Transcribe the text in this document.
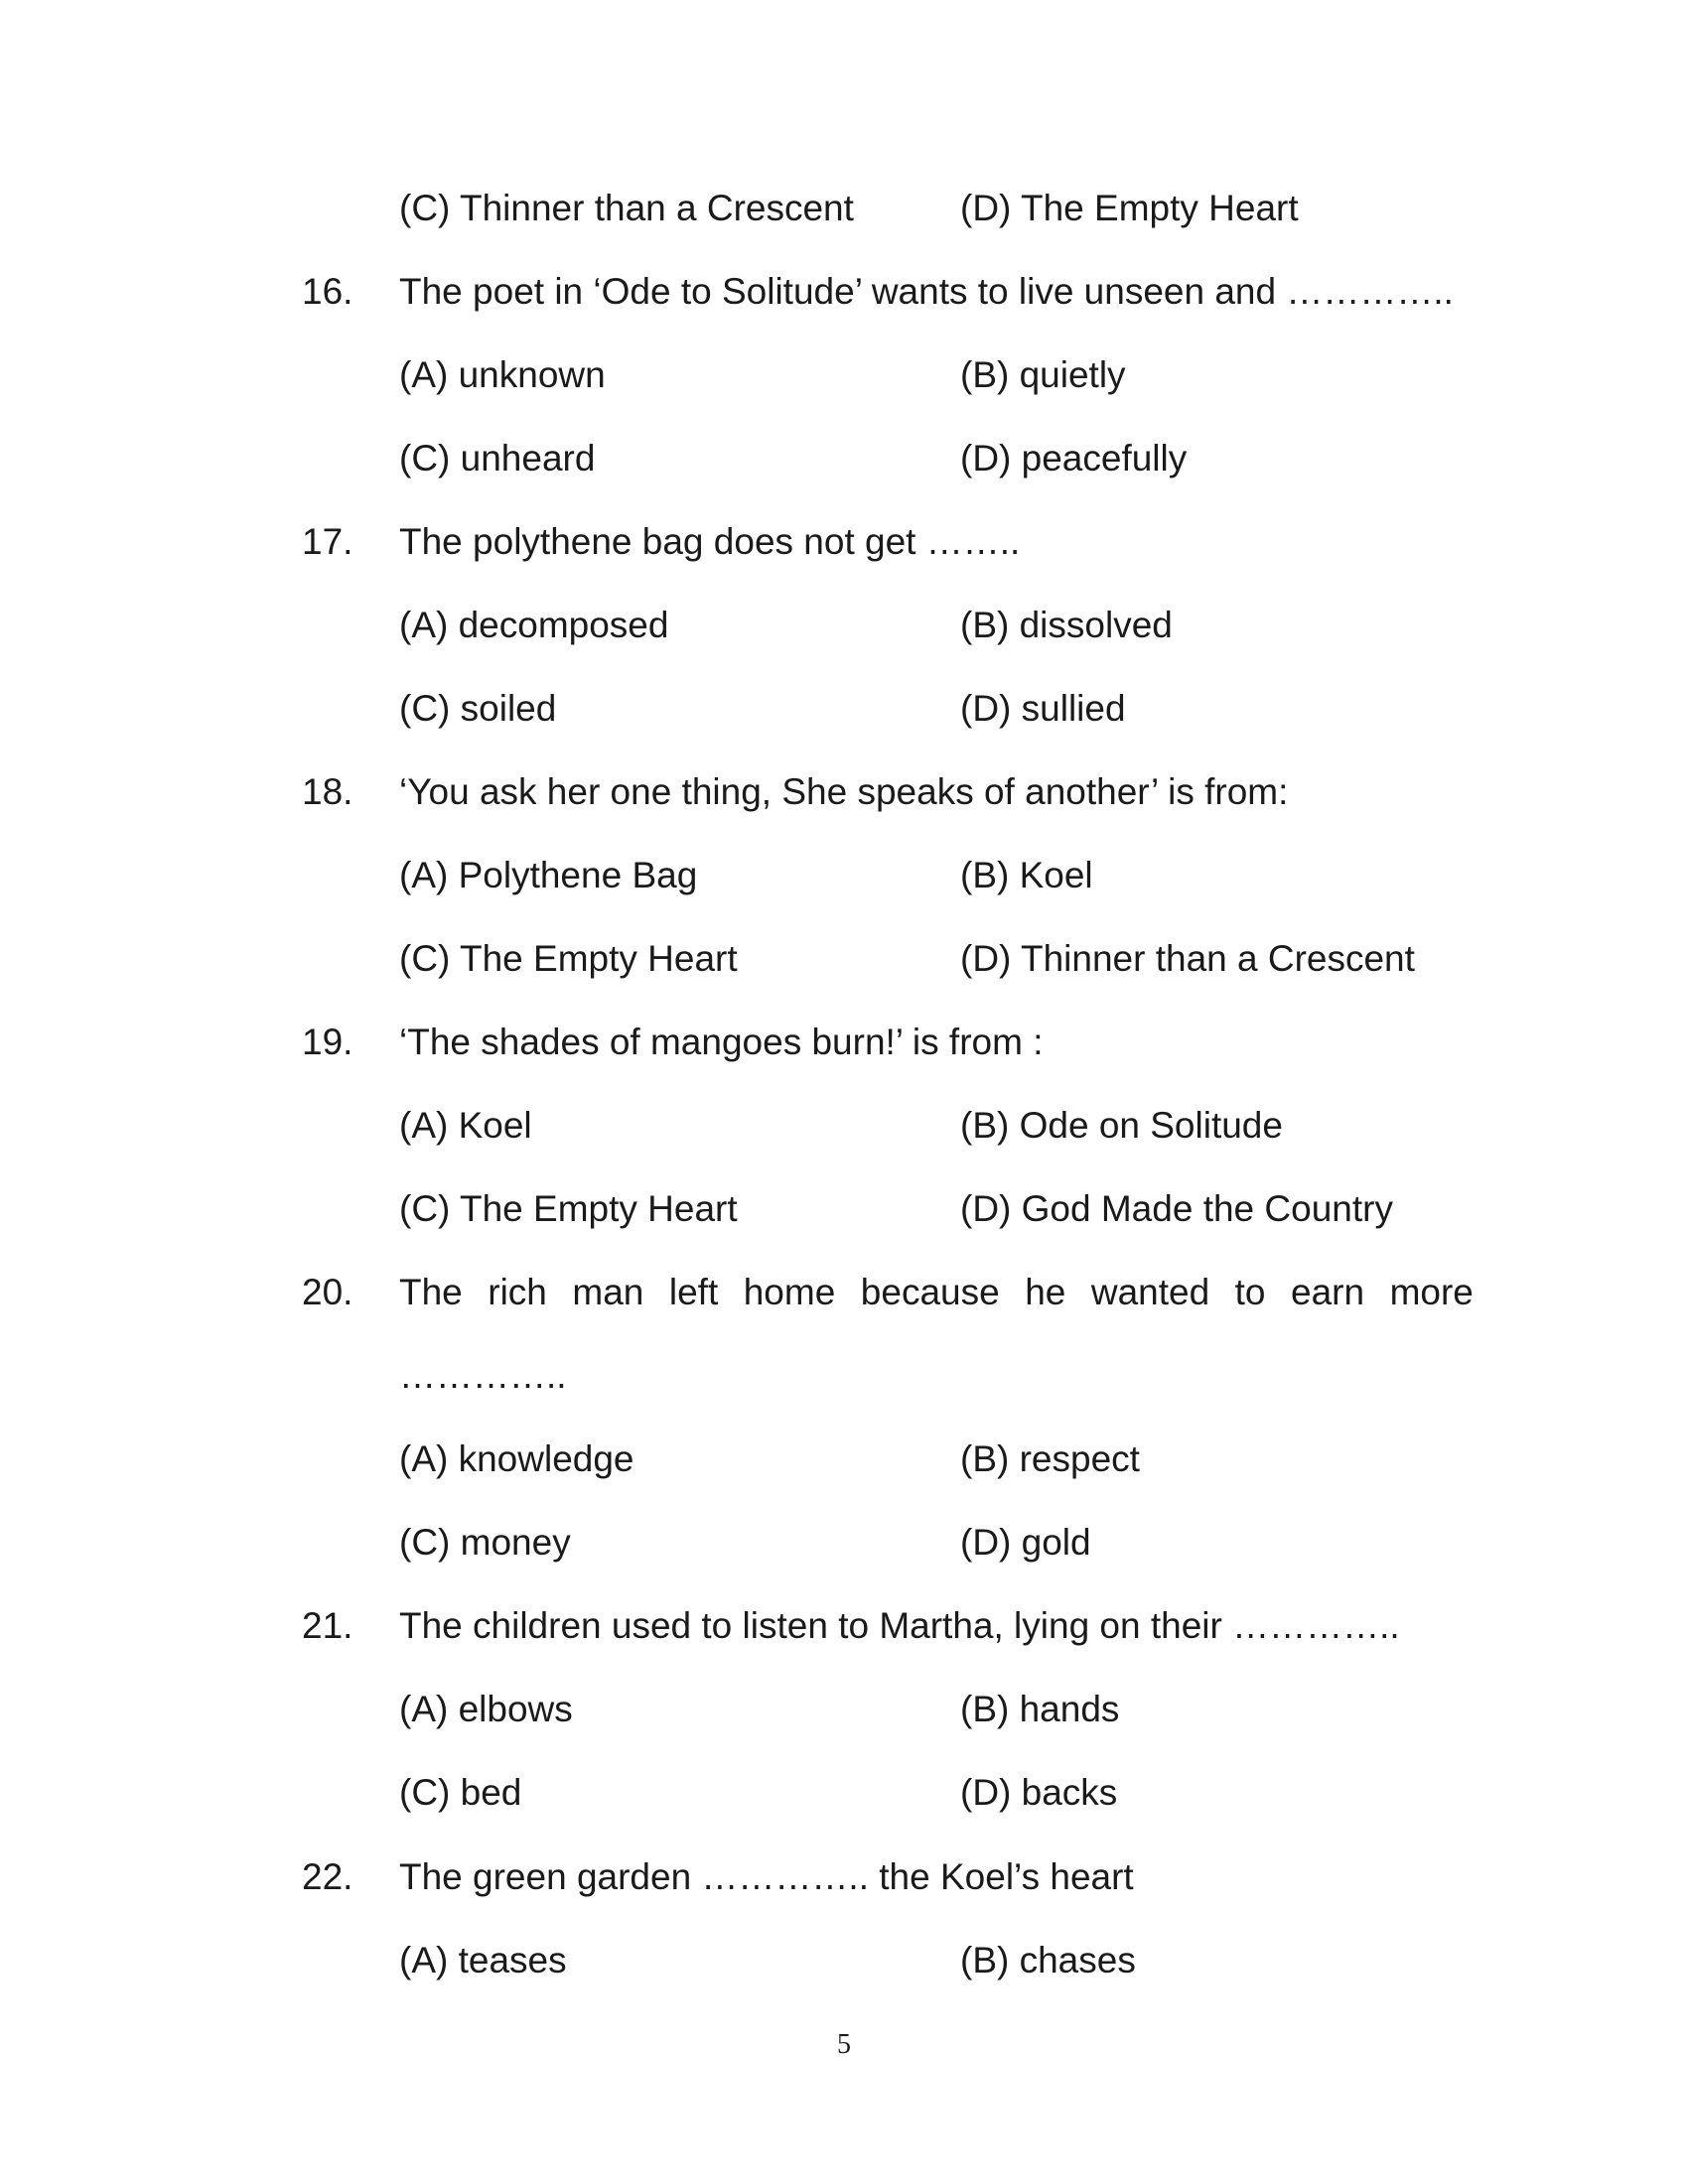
(C) Thinner than a Crescent	(D) The Empty Heart
16. The poet in ‘Ode to Solitude’ wants to live unseen and …………..
(A) unknown	(B) quietly
(C) unheard	(D) peacefully
17. The polythene bag does not get ……..
(A) decomposed	(B) dissolved
(C) soiled	(D) sullied
18. ‘You ask her one thing, She speaks of another’ is from:
(A) Polythene Bag	(B) Koel
(C) The Empty Heart	(D) Thinner than a Crescent
19. ‘The shades of mangoes burn!’ is from :
(A) Koel	(B) Ode on Solitude
(C) The Empty Heart	(D) God Made the Country
20. The rich man left home because he wanted to earn more
…………..
(A) knowledge	(B) respect
(C) money	(D) gold
21. The children used to listen to Martha, lying on their …………..
(A) elbows	(B) hands
(C) bed	(D) backs
22. The green garden ………….. the Koel’s heart
(A) teases	(B) chases
5
